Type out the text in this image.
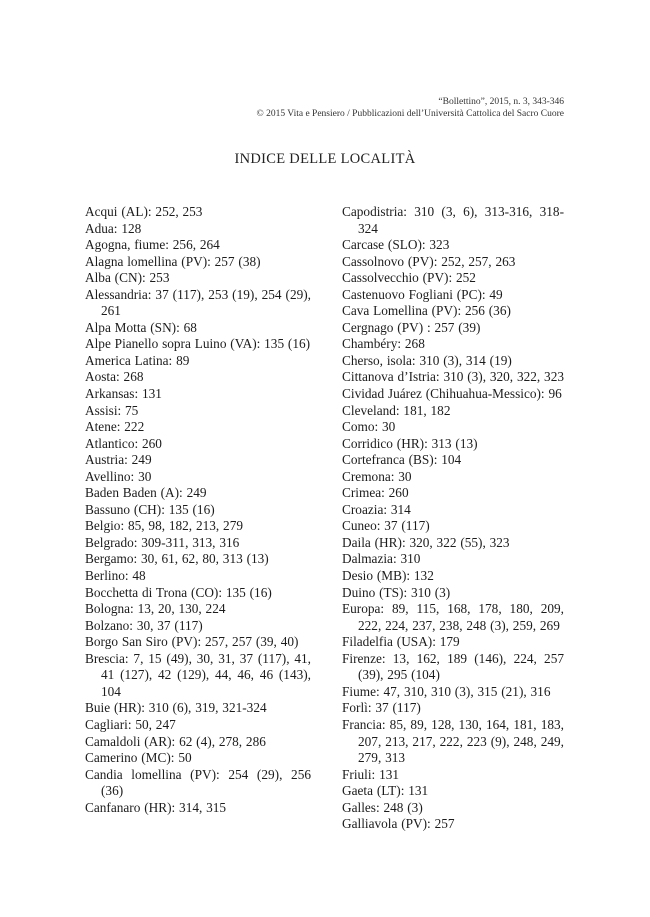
“Bollettino”, 2015, n. 3, 343-346
© 2015 Vita e Pensiero / Pubblicazioni dell’Università Cattolica del Sacro Cuore
INDICE DELLE LOCALITÀ
Acqui (AL): 252, 253
Adua: 128
Agogna, fiume: 256, 264
Alagna lomellina (PV): 257 (38)
Alba (CN): 253
Alessandria: 37 (117), 253 (19), 254 (29), 261
Alpa Motta (SN): 68
Alpe Pianello sopra Luino (VA): 135 (16)
America Latina: 89
Aosta: 268
Arkansas: 131
Assisi: 75
Atene: 222
Atlantico: 260
Austria: 249
Avellino: 30
Baden Baden (A): 249
Bassuno (CH): 135 (16)
Belgio: 85, 98, 182, 213, 279
Belgrado: 309-311, 313, 316
Bergamo: 30, 61, 62, 80, 313 (13)
Berlino: 48
Bocchetta di Trona (CO): 135 (16)
Bologna: 13, 20, 130, 224
Bolzano: 30, 37 (117)
Borgo San Siro (PV): 257, 257 (39, 40)
Brescia: 7, 15 (49), 30, 31, 37 (117), 41, 41 (127), 42 (129), 44, 46, 46 (143), 104
Buie (HR): 310 (6), 319, 321-324
Cagliari: 50, 247
Camaldoli (AR): 62 (4), 278, 286
Camerino (MC): 50
Candia lomellina (PV): 254 (29), 256 (36)
Canfanaro (HR): 314, 315
Capodistria: 310 (3, 6), 313-316, 318-324
Carcase (SLO): 323
Cassolnovo (PV): 252, 257, 263
Cassolvecchio (PV): 252
Castenuovo Fogliani (PC): 49
Cava Lomellina (PV): 256 (36)
Cergnago (PV) : 257 (39)
Chambéry: 268
Cherso, isola: 310 (3), 314 (19)
Cittanova d’Istria: 310 (3), 320, 322, 323
Cividad Juárez (Chihuahua-Messico): 96
Cleveland: 181, 182
Como: 30
Corridico (HR): 313 (13)
Cortefranca (BS): 104
Cremona: 30
Crimea: 260
Croazia: 314
Cuneo: 37 (117)
Daila (HR): 320, 322 (55), 323
Dalmazia: 310
Desio (MB): 132
Duino (TS): 310 (3)
Europa: 89, 115, 168, 178, 180, 209, 222, 224, 237, 238, 248 (3), 259, 269
Filadelfia (USA): 179
Firenze: 13, 162, 189 (146), 224, 257 (39), 295 (104)
Fiume: 47, 310, 310 (3), 315 (21), 316
Forlì: 37 (117)
Francia: 85, 89, 128, 130, 164, 181, 183, 207, 213, 217, 222, 223 (9), 248, 249, 279, 313
Friuli: 131
Gaeta (LT): 131
Galles: 248 (3)
Galliavola (PV): 257
